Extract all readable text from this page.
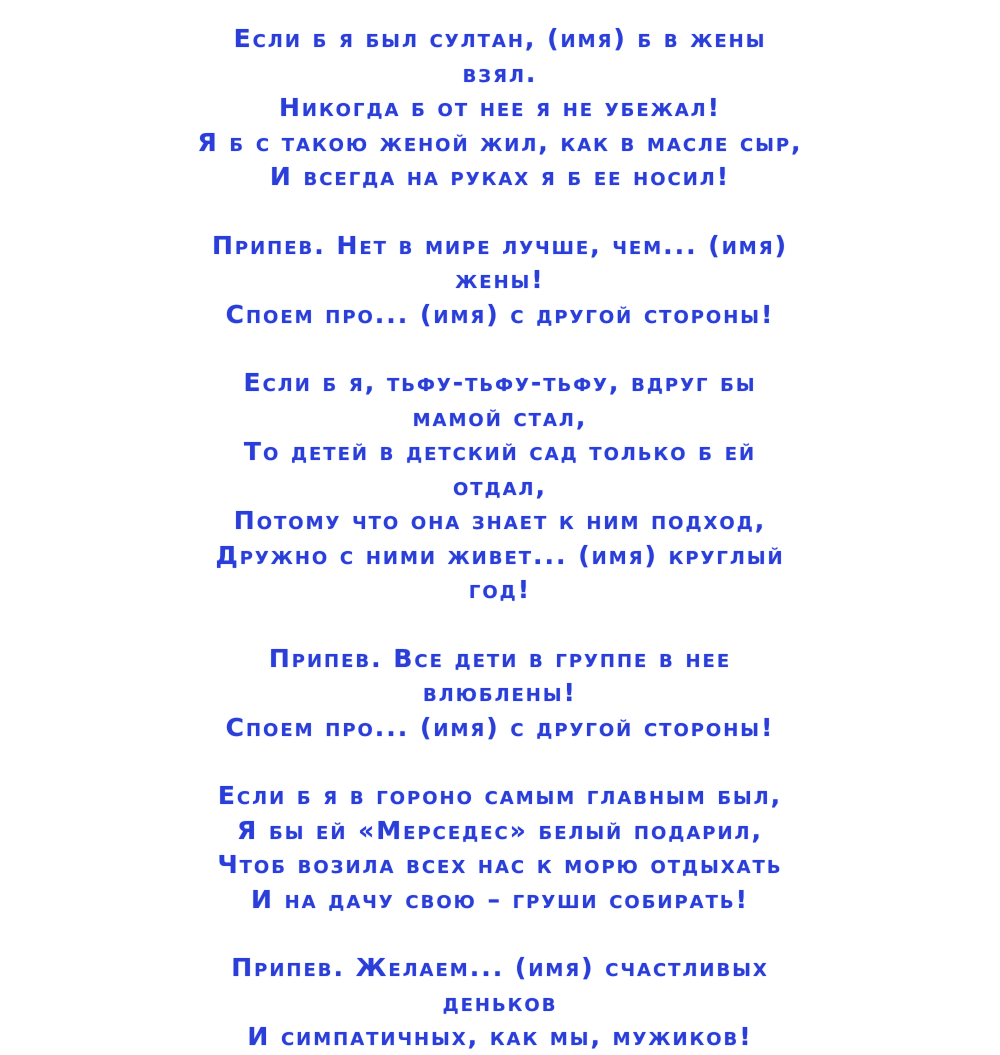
Если б я был султан, (имя) б в жены
взял.
Никогда б от нее я не убежал!
Я б с такою женой жил, как в масле сыр,
И всегда на руках я б ее носил!
Припев. Нет в мире лучше, чем... (имя)
жены!
Споем про... (имя) с другой стороны!
Если б я, тьфу-тьфу-тьфу, вдруг бы
мамой стал,
То детей в детский сад только б ей
отдал,
Потому что она знает к ним подход,
Дружно с ними живет... (имя) круглый
год!
Припев. Все дети в группе в нее
влюблены!
Споем про... (имя) с другой стороны!
Если б я в гороно самым главным был,
Я бы ей «Мерседес» белый подарил,
Чтоб возила всех нас к морю отдыхать
И на дачу свою – груши собирать!
Припев. Желаем... (имя) счастливых
деньков
И симпатичных, как мы, мужиков!
